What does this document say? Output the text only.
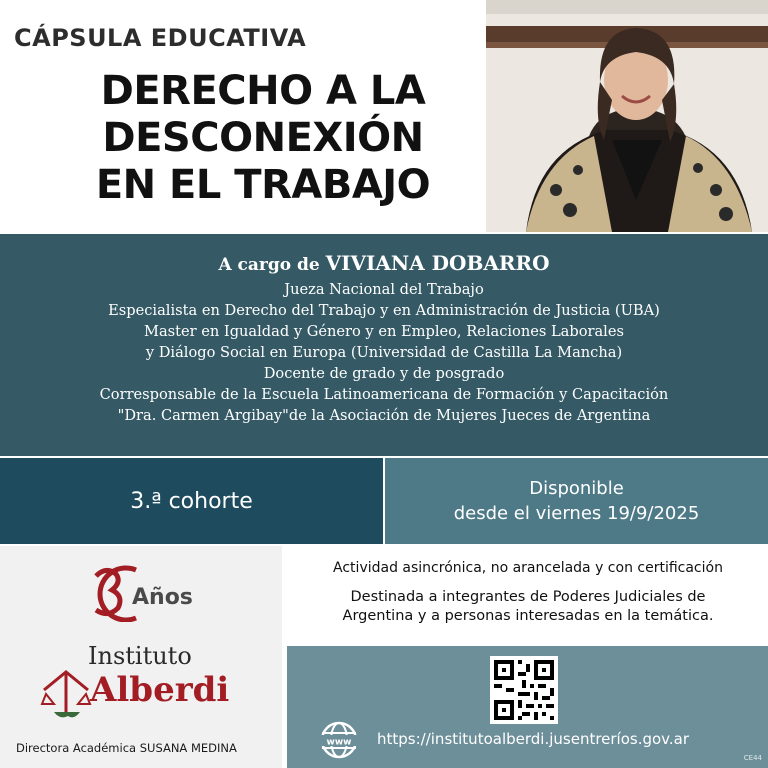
CÁPSULA EDUCATIVA
DERECHO A LA
DESCONEXIÓN
EN EL TRABAJO
A cargo de VIVIANA DOBARRO
Jueza Nacional del Trabajo
Especialista en Derecho del Trabajo y en Administración de Justicia (UBA)
Master en Igualdad y Género y en Empleo, Relaciones Laborales
y Diálogo Social en Europa (Universidad de Castilla La Mancha)
Docente de grado y de posgrado
Corresponsable de la Escuela Latinoamericana de Formación y Capacitación
"Dra. Carmen Argibay"de la Asociación de Mujeres Jueces de Argentina
3.ª cohorte	Disponible
desde el viernes 19/9/2025
Años
Instituto
Alberdi
Directora Académica SUSANA MEDINA
Actividad asincrónica, no arancelada y con certificación
Destinada a integrantes de Poderes Judiciales de
Argentina y a personas interesadas en la temática.
www https://institutoalberdi.jusentreríos.gov.ar
CE44
